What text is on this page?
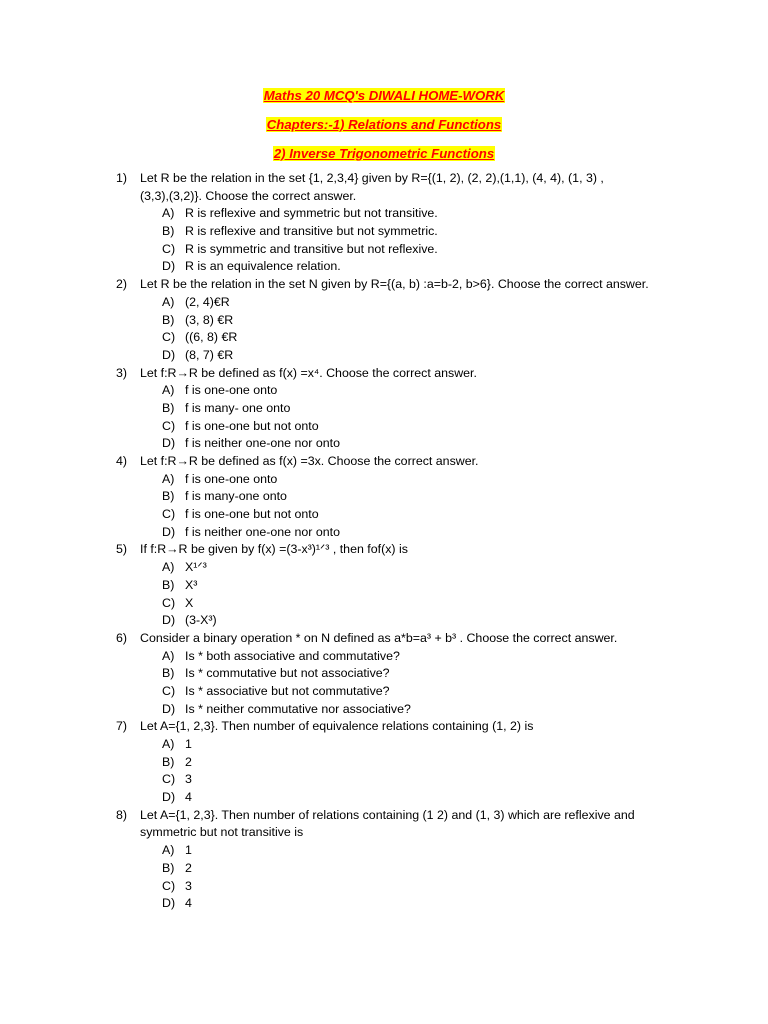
Maths 20 MCQ's DIWALI HOME-WORK
Chapters:-1) Relations and Functions
2) Inverse Trigonometric Functions
1) Let R be the relation in the set {1, 2,3,4} given by R={(1, 2), (2, 2),(1,1), (4, 4), (1, 3) ,
(3,3),(3,2)}. Choose the correct answer.
A) R is reflexive and symmetric but not transitive.
B) R is reflexive and transitive but not symmetric.
C) R is symmetric and transitive but not reflexive.
D) R is an equivalence relation.
2) Let R be the relation in the set N given by R={(a, b) :a=b-2, b>6}. Choose the correct answer.
A) (2, 4)€R
B) (3, 8) €R
C) ((6, 8) €R
D) (8, 7) €R
3) Let f:R→R be defined as f(x) =x⁴. Choose the correct answer.
A) f is one-one onto
B) f is many- one onto
C) f is one-one but not onto
D) f is neither one-one nor onto
4) Let f:R→R be defined as f(x) =3x. Choose the correct answer.
A) f is one-one onto
B) f is many-one onto
C) f is one-one but not onto
D) f is neither one-one nor onto
5) If f:R→R be given by f(x) =(3-x³)¹ᐟ³ , then fof(x) is
A) X¹ᐟ³
B) X³
C) X
D) (3-X³)
6) Consider a binary operation * on N defined as a*b=a³ + b³ . Choose the correct answer.
A) Is * both associative and commutative?
B) Is * commutative but not associative?
C) Is * associative but not commutative?
D) Is * neither commutative nor associative?
7) Let A={1, 2,3}. Then number of equivalence relations containing (1, 2) is
A) 1
B) 2
C) 3
D) 4
8) Let A={1, 2,3}. Then number of relations containing (1 2) and (1, 3) which are reflexive and
symmetric but not transitive is
A) 1
B) 2
C) 3
D) 4
